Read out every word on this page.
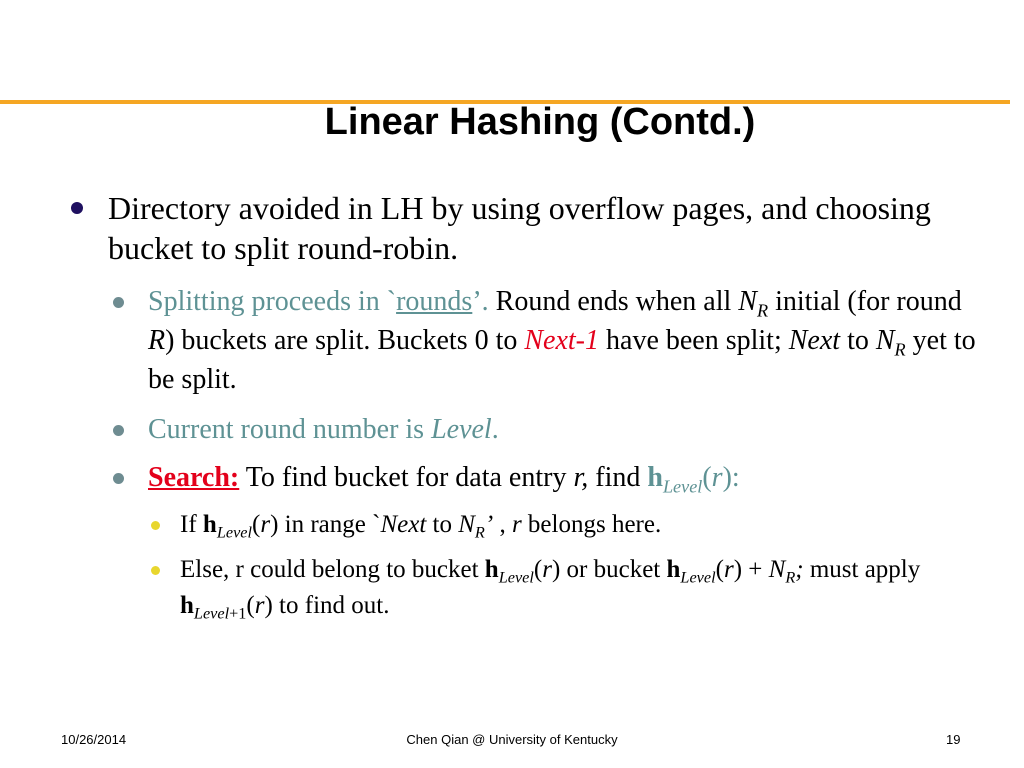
Linear Hashing (Contd.)
Directory avoided in LH by using overflow pages, and choosing bucket to split round-robin.
Splitting proceeds in `rounds’. Round ends when all $N_R$ initial (for round R) buckets are split. Buckets 0 to Next-1 have been split; Next to $N_R$ yet to be split.
Current round number is Level.
Search: To find bucket for data entry r, find $h_{Level}(r)$:
If $h_{Level}(r)$ in range `Next to $N_R$’ , r belongs here.
Else, r could belong to bucket $h_{Level}(r)$ or bucket $h_{Level}(r) + N_R$; must apply $h_{Level+1}(r)$ to find out.
10/26/2014	Chen Qian @ University of Kentucky	19
